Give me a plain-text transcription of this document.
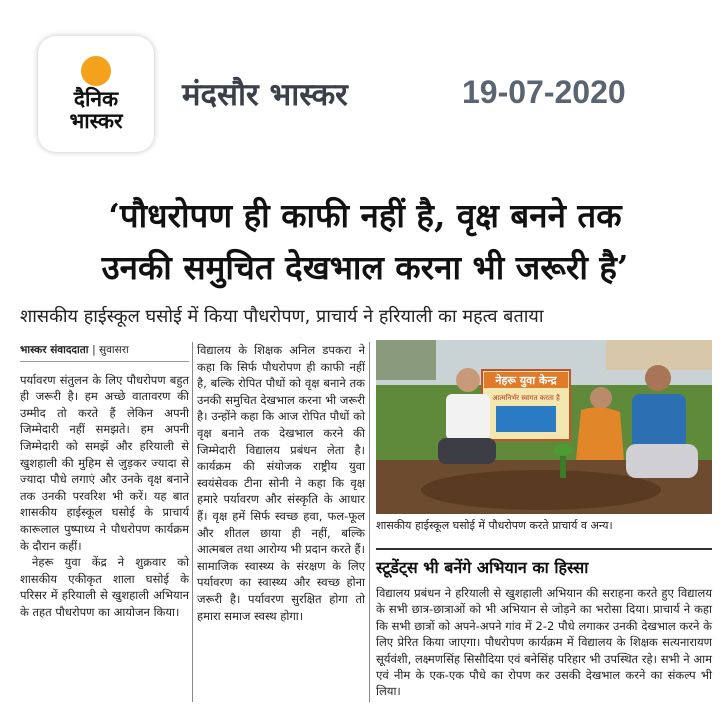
दैनिक
भास्कर
मंदसौर भास्कर	19-07-2020
‘पौधरोपण ही काफी नहीं है, वृक्ष बनने तक
उनकी समुचित देखभाल करना भी जरूरी है’
शासकीय हाईस्कूल घसोई में किया पौधरोपण, प्राचार्य ने हरियाली का महत्व बताया
भास्कर संवाददाता | सुवासरा

पर्यावरण संतुलन के लिए पौधरोपण बहुत ही जरूरी है। हम अच्छे वातावरण की उम्मीद तो करते हैं लेकिन अपनी जिम्मेदारी नहीं समझते। हम अपनी जिम्मेदारी को समझें और हरियाली से खुशहाली की मुहिम से जुड़कर ज्यादा से ज्यादा पौधे लगाएं और उनके वृक्ष बनाने तक उनकी परवरिश भी करें। यह बात शासकीय हाईस्कूल घसोई के प्राचार्य कारूलाल पुष्पाध्य ने पौधरोपण कार्यक्रम के दौरान कहीं।

नेहरू युवा केंद्र ने शुक्रवार को शासकीय एकीकृत शाला घसोई के परिसर में हरियाली से खुशहाली अभियान के तहत पौधरोपण का आयोजन किया।

विद्यालय के शिक्षक अनिल डपकरा ने कहा कि सिर्फ पौधरोपण ही काफी नहीं है, बल्कि रोपित पौधों को वृक्ष बनाने तक उनकी समुचित देखभाल करना भी जरूरी है। उन्होंने कहा कि आज रोपित पौधों को वृक्ष बनाने तक देखभाल करने की जिम्मेदारी विद्यालय प्रबंधन लेता है। कार्यक्रम की संयोजक राष्ट्रीय युवा स्वयंसेवक टीना सोनी ने कहा कि वृक्ष हमारे पर्यावरण और संस्कृति के आधार हैं। वृक्ष हमें सिर्फ स्वच्छ हवा, फल-फूल और शीतल छाया ही नहीं, बल्कि आत्मबल तथा आरोग्य भी प्रदान करते हैं। सामाजिक स्वास्थ्य के संरक्षण के लिए पर्यावरण का स्वास्थ्य और स्वच्छ होना जरूरी है। पर्यावरण सुरक्षित होगा तो हमारा समाज स्वस्थ होगा।

नेहरू युवा केन्द्र
आत्मनिर्भर स्वागत करता है
शासकीय हाईस्कूल घसोई में पौधरोपण करते प्राचार्य व अन्य।
स्टूडेंट्स भी बनेंगे अभियान का हिस्सा
विद्यालय प्रबंधन ने हरियाली से खुशहाली अभियान की सराहना करते हुए विद्यालय के सभी छात्र-छात्राओं को भी अभियान से जोड़ने का भरोसा दिया। प्राचार्य ने कहा कि सभी छात्रों को अपने-अपने गांव में 2-2 पौधे लगाकर उनकी देखभाल करने के लिए प्रेरित किया जाएगा। पौधरोपण कार्यक्रम में विद्यालय के शिक्षक सत्यनारायण सूर्यवंशी, लक्ष्मणसिंह सिसौदिया एवं बनेसिंह परिहार भी उपस्थित रहे। सभी ने आम एवं नीम के एक-एक पौधे का रोपण कर उसकी देखभाल करने का संकल्प भी लिया।
